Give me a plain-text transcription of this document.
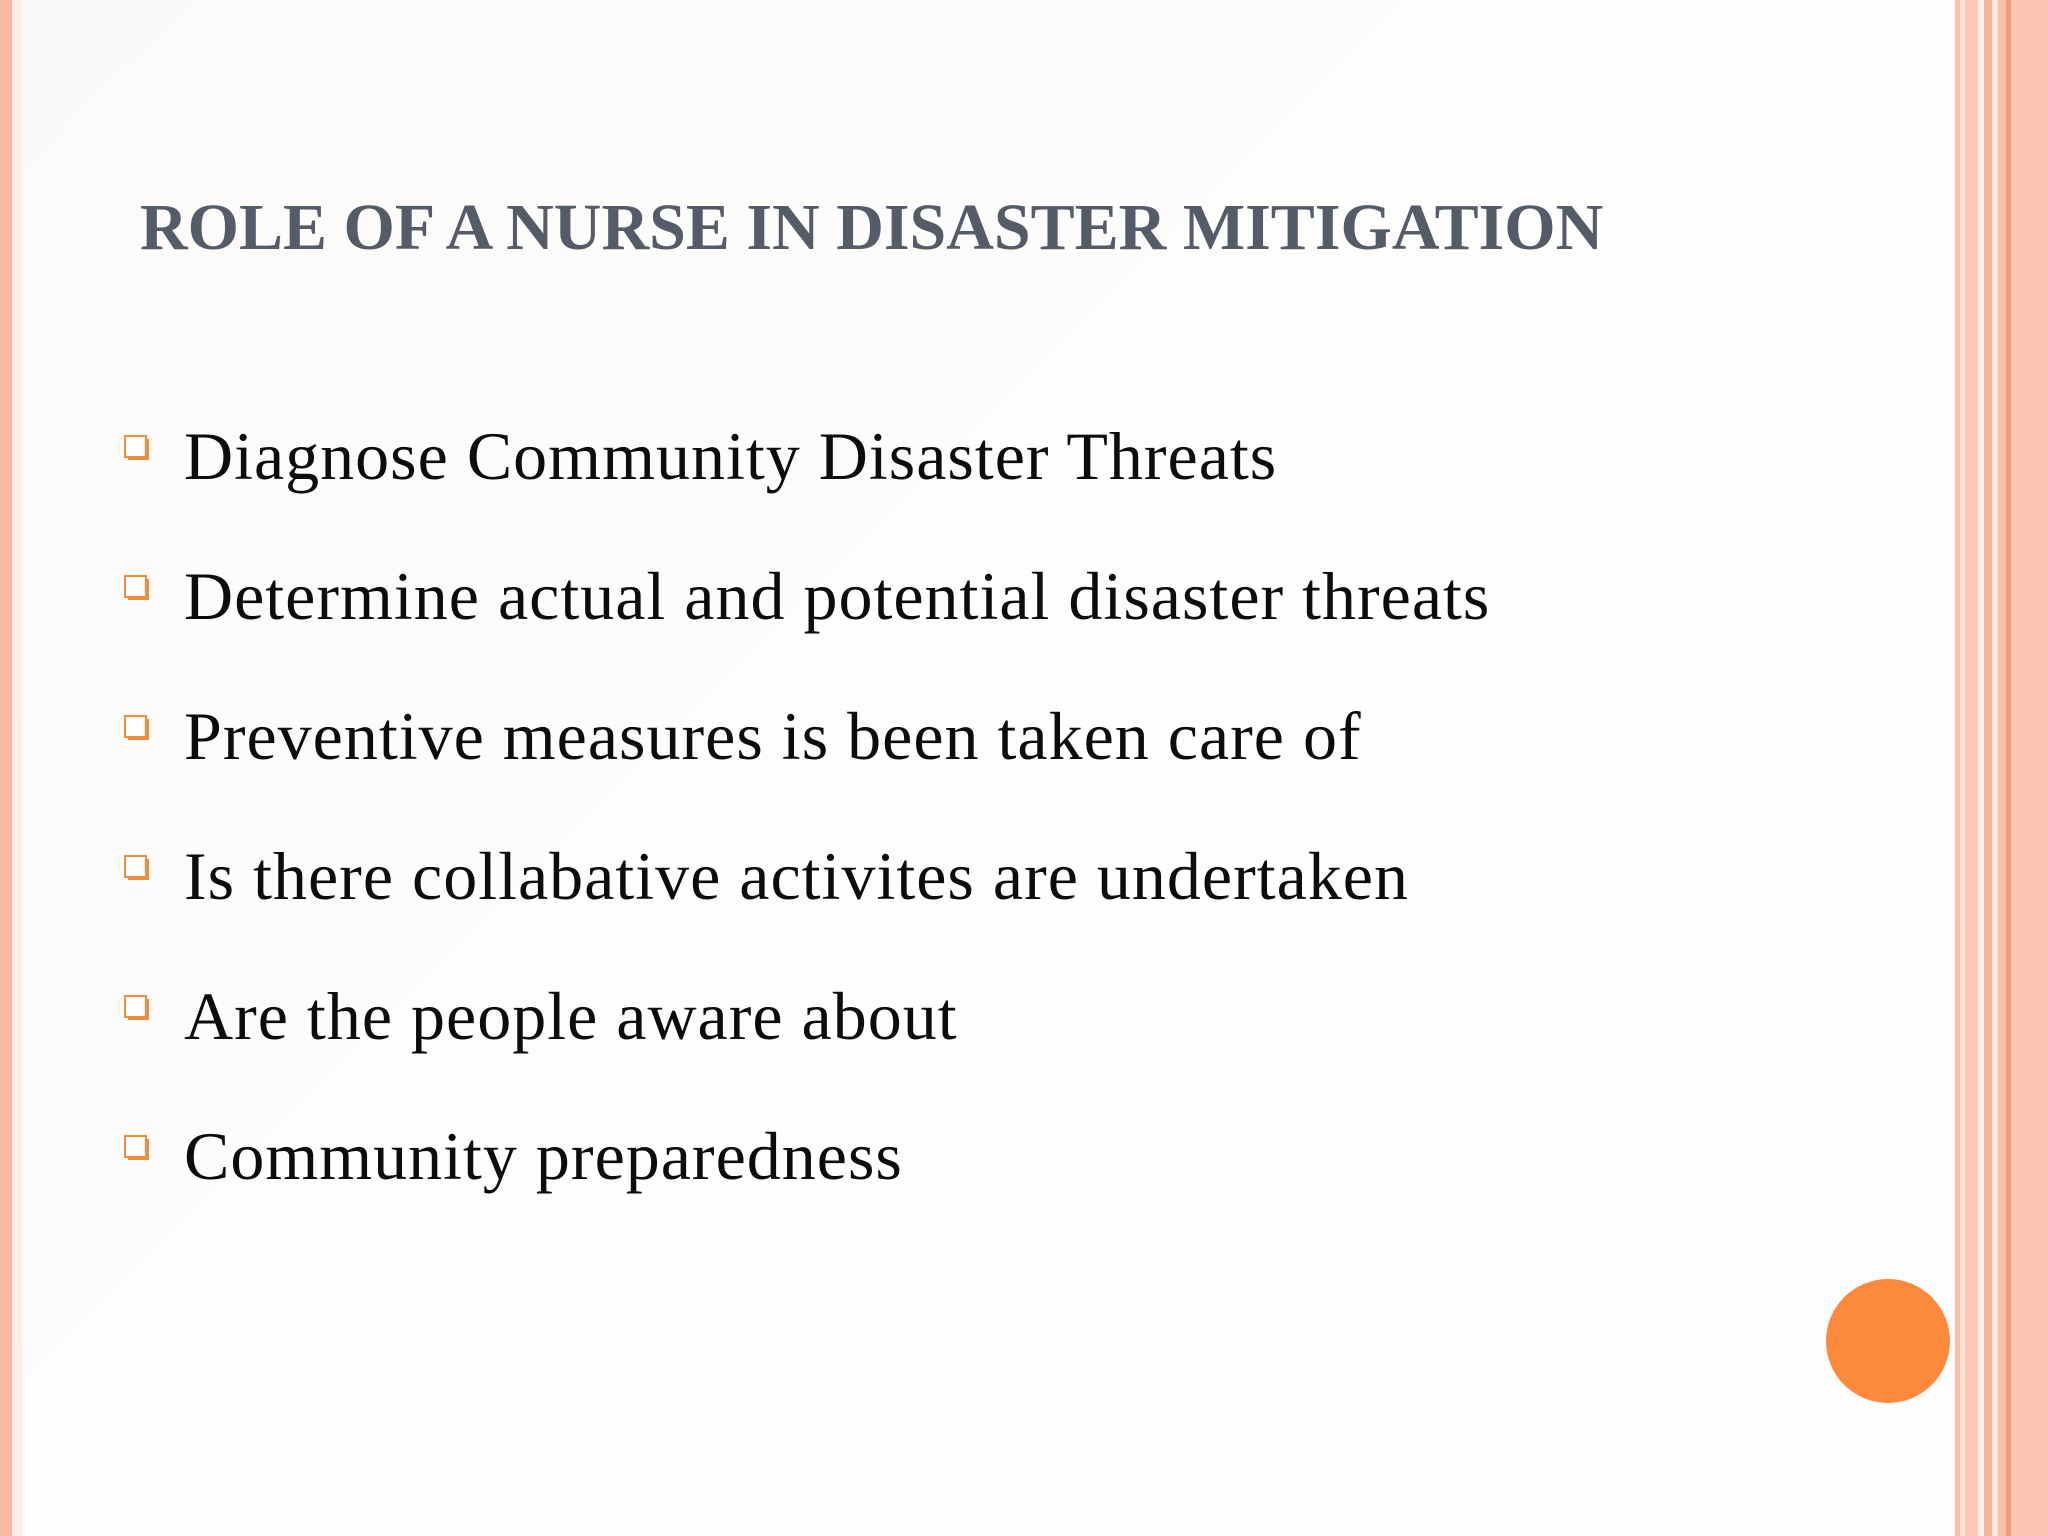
ROLE OF A NURSE IN DISASTER MITIGATION
Diagnose Community Disaster Threats
Determine actual and potential disaster threats
Preventive measures is been taken care of
Is there collabative activites are undertaken
Are the people aware about
Community preparedness
